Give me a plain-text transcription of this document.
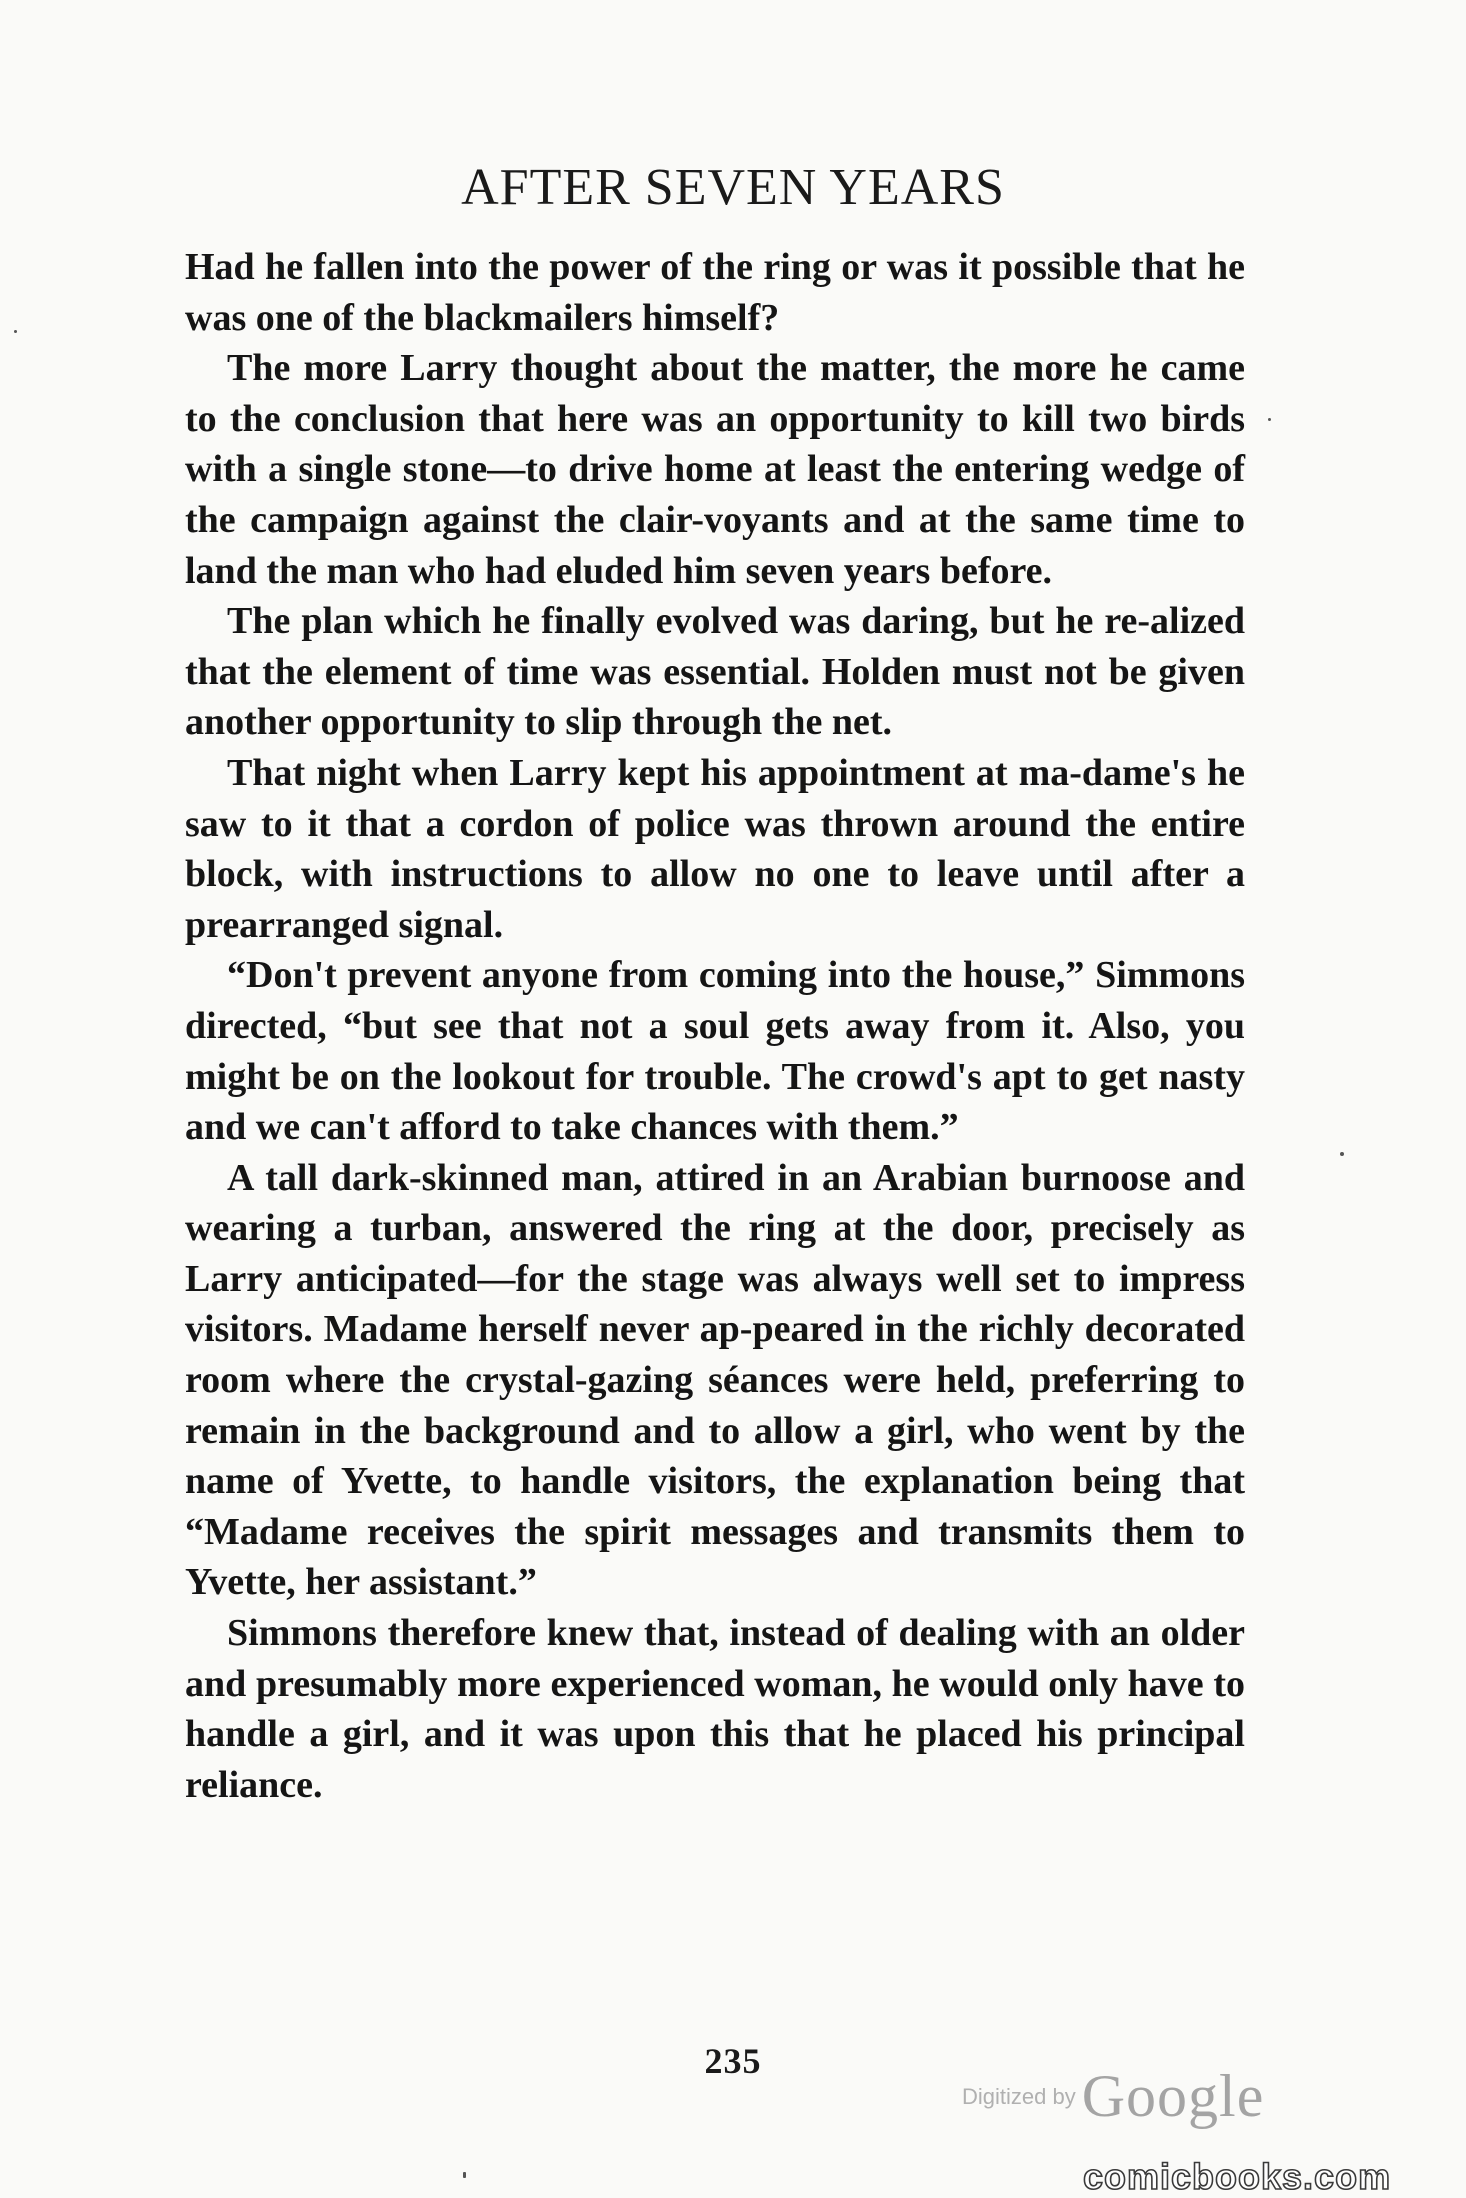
AFTER SEVEN YEARS

Had he fallen into the power of the ring or was it possible that he was one of the blackmailers himself?

The more Larry thought about the matter, the more he came to the conclusion that here was an opportunity to kill two birds with a single stone—to drive home at least the entering wedge of the campaign against the clair-voyants and at the same time to land the man who had eluded him seven years before.

The plan which he finally evolved was daring, but he re-alized that the element of time was essential. Holden must not be given another opportunity to slip through the net.

That night when Larry kept his appointment at ma-dame's he saw to it that a cordon of police was thrown around the entire block, with instructions to allow no one to leave until after a prearranged signal.

“Don't prevent anyone from coming into the house,” Simmons directed, “but see that not a soul gets away from it. Also, you might be on the lookout for trouble. The crowd's apt to get nasty and we can't afford to take chances with them.”

A tall dark-skinned man, attired in an Arabian burnoose and wearing a turban, answered the ring at the door, precisely as Larry anticipated—for the stage was always well set to impress visitors. Madame herself never ap-peared in the richly decorated room where the crystal-gazing séances were held, preferring to remain in the background and to allow a girl, who went by the name of Yvette, to handle visitors, the explanation being that “Madame receives the spirit messages and transmits them to Yvette, her assistant.”

Simmons therefore knew that, instead of dealing with an older and presumably more experienced woman, he would only have to handle a girl, and it was upon this that he placed his principal reliance.

235
Digitized by Google
comicbooks.com
